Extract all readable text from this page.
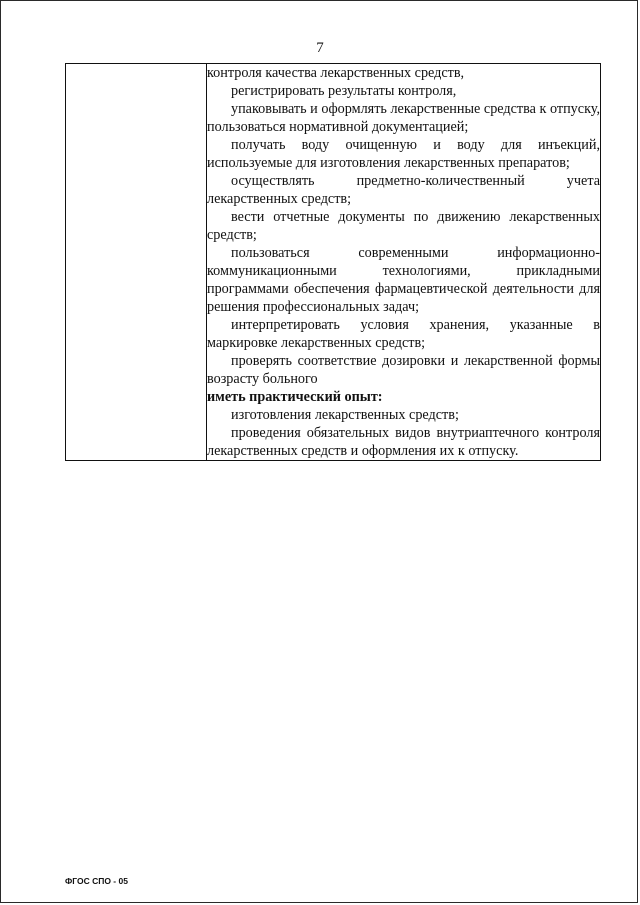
7

контроля качества лекарственных средств,

регистрировать результаты контроля,

упаковывать и оформлять лекарственные средства к отпуску, пользоваться нормативной документацией;

получать воду очищенную и воду для инъекций, используемые для изготовления лекарственных препаратов;

осуществлять предметно-количественный учета лекарственных средств;

вести отчетные документы по движению лекарственных средств;

пользоваться современными информационно-коммуникационными технологиями, прикладными программами обеспечения фармацевтической деятельности для решения профессиональных задач;

интерпретировать условия хранения, указанные в маркировке лекарственных средств;

проверять соответствие дозировки и лекарственной формы возрасту больного

иметь практический опыт:

изготовления лекарственных средств;

проведения обязательных видов внутриаптечного контроля лекарственных средств и оформления их к отпуску.

ФГОС СПО - 05
